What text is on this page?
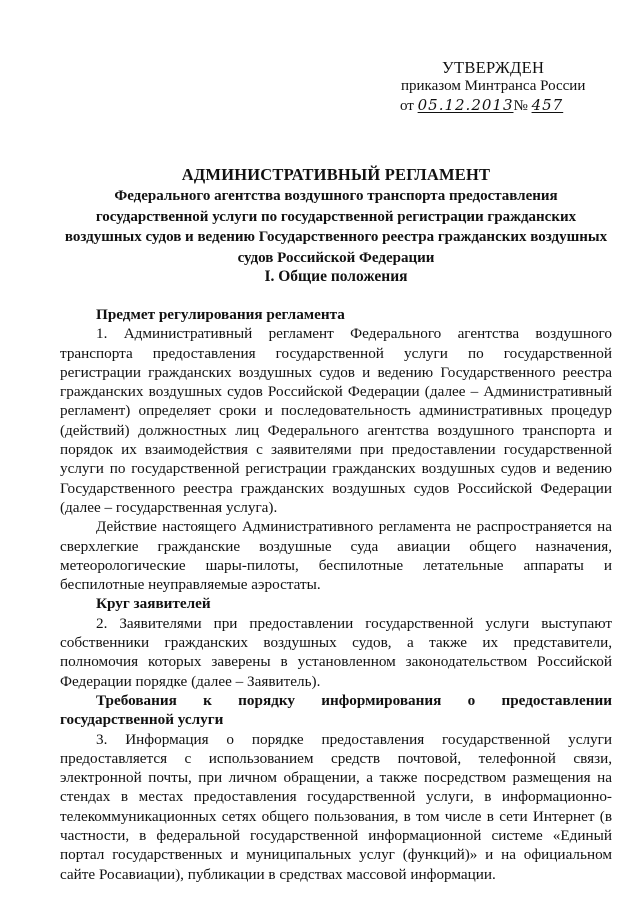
УТВЕРЖДЕН
приказом Минтранса России
от 05.12.2013№ 457
АДМИНИСТРАТИВНЫЙ РЕГЛАМЕНТ
Федерального агентства воздушного транспорта предоставления государственной услуги по государственной регистрации гражданских воздушных судов и ведению Государственного реестра гражданских воздушных судов Российской Федерации
I. Общие положения
Предмет регулирования регламента

1. Административный регламент Федерального агентства воздушного транспорта предоставления государственной услуги по государственной регистрации гражданских воздушных судов и ведению Государственного реестра гражданских воздушных судов Российской Федерации (далее – Административный регламент) определяет сроки и последовательность административных процедур (действий) должностных лиц Федерального агентства воздушного транспорта и порядок их взаимодействия с заявителями при предоставлении государственной услуги по государственной регистрации гражданских воздушных судов и ведению Государственного реестра гражданских воздушных судов Российской Федерации (далее – государственная услуга).

Действие настоящего Административного регламента не распространяется на сверхлегкие гражданские воздушные суда авиации общего назначения, метеорологические шары-пилоты, беспилотные летательные аппараты и беспилотные неуправляемые аэростаты.

Круг заявителей

2. Заявителями при предоставлении государственной услуги выступают собственники гражданских воздушных судов, а также их представители, полномочия которых заверены в установленном законодательством Российской Федерации порядке (далее – Заявитель).

Требования к порядку информирования о предоставлении государственной услуги

3. Информация о порядке предоставления государственной услуги предоставляется с использованием средств почтовой, телефонной связи, электронной почты, при личном обращении, а также посредством размещения на стендах в местах предоставления государственной услуги, в информационно-телекоммуникационных сетях общего пользования, в том числе в сети Интернет (в частности, в федеральной государственной информационной системе «Единый портал государственных и муниципальных услуг (функций)» и на официальном сайте Росавиации), публикации в средствах массовой информации.
